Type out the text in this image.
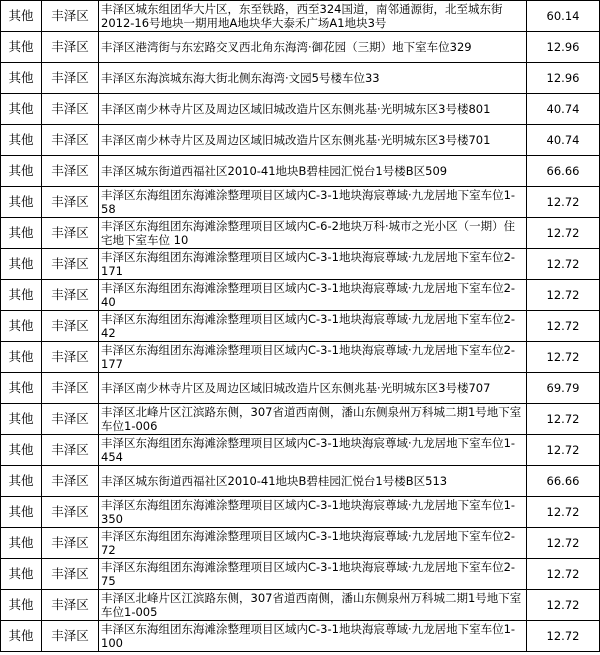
其他	丰泽区	丰泽区城东组团华大片区，东至铁路，西至324国道，南邻通源街，北至城东街2012-16号地块一期用地A地块华大泰禾广场A1地块3号	60.14
其他	丰泽区	丰泽区港湾街与东宏路交叉西北角东海湾·御花园（三期）地下室车位329	12.96
其他	丰泽区	丰泽区东海滨城东海大街北侧东海湾·文园5号楼车位33	12.96
其他	丰泽区	丰泽区南少林寺片区及周边区域旧城改造片区东侧兆基·光明城东区3号楼801	40.74
其他	丰泽区	丰泽区南少林寺片区及周边区域旧城改造片区东侧兆基·光明城东区3号楼701	40.74
其他	丰泽区	丰泽区城东街道西福社区2010-41地块B碧桂园汇悦台1号楼B区509	66.66
其他	丰泽区	丰泽区东海组团东海滩涂整理项目区域内C-3-1地块海宸尊域·九龙居地下室车位1-58	12.72
其他	丰泽区	丰泽区东海组团东海滩涂整理项目区域内C-6-2地块万科·城市之光小区（一期）住宅地下室车位 10	12.72
其他	丰泽区	丰泽区东海组团东海滩涂整理项目区域内C-3-1地块海宸尊域·九龙居地下室车位2-171	12.72
其他	丰泽区	丰泽区东海组团东海滩涂整理项目区域内C-3-1地块海宸尊域·九龙居地下室车位2-40	12.72
其他	丰泽区	丰泽区东海组团东海滩涂整理项目区域内C-3-1地块海宸尊域·九龙居地下室车位2-42	12.72
其他	丰泽区	丰泽区东海组团东海滩涂整理项目区域内C-3-1地块海宸尊域·九龙居地下室车位2-177	12.72
其他	丰泽区	丰泽区南少林寺片区及周边区域旧城改造片区东侧兆基·光明城东区3号楼707	69.79
其他	丰泽区	丰泽区北峰片区江滨路东侧，307省道西南侧，潘山东侧泉州万科城二期1号地下室车位1-006	12.72
其他	丰泽区	丰泽区东海组团东海滩涂整理项目区域内C-3-1地块海宸尊域·九龙居地下室车位1-454	12.72
其他	丰泽区	丰泽区城东街道西福社区2010-41地块B碧桂园汇悦台1号楼B区513	66.66
其他	丰泽区	丰泽区东海组团东海滩涂整理项目区域内C-3-1地块海宸尊域·九龙居地下室车位1-350	12.72
其他	丰泽区	丰泽区东海组团东海滩涂整理项目区域内C-3-1地块海宸尊域·九龙居地下室车位2-72	12.72
其他	丰泽区	丰泽区东海组团东海滩涂整理项目区域内C-3-1地块海宸尊域·九龙居地下室车位2-75	12.72
其他	丰泽区	丰泽区北峰片区江滨路东侧，307省道西南侧，潘山东侧泉州万科城二期1号地下室车位1-005	12.72
其他	丰泽区	丰泽区东海组团东海滩涂整理项目区域内C-3-1地块海宸尊域·九龙居地下室车位1-100	12.72
